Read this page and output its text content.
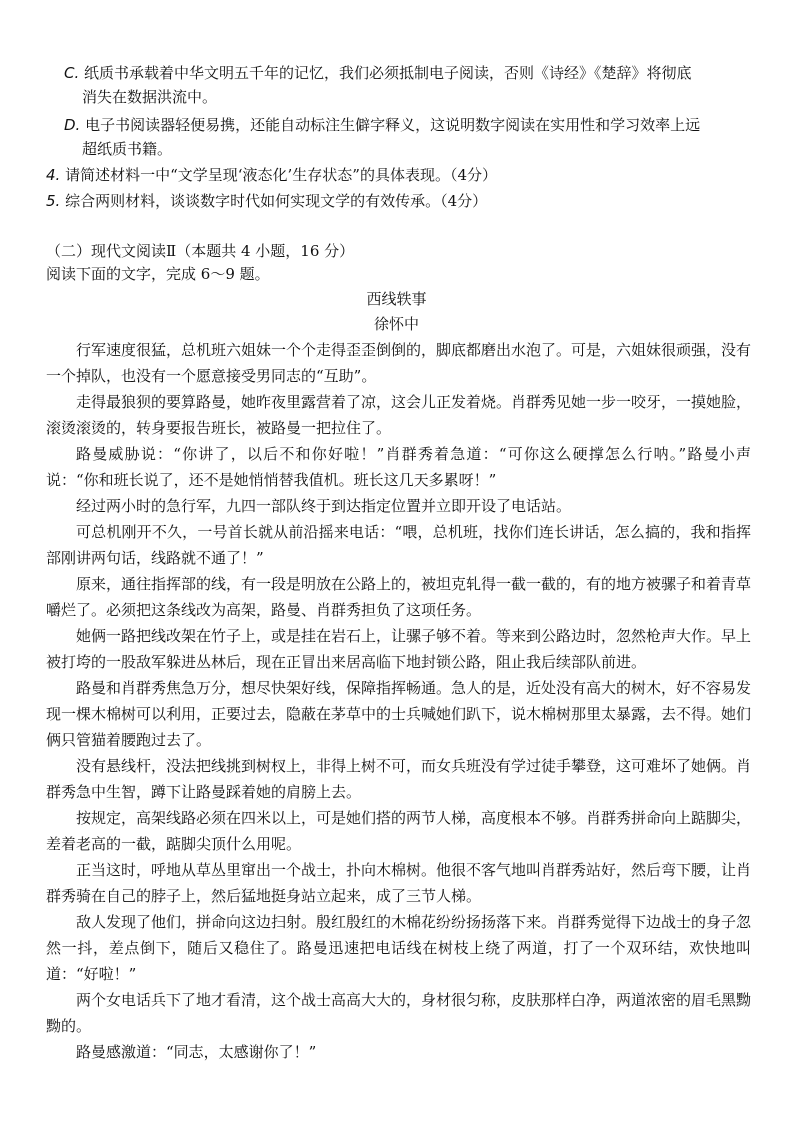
C. 纸质书承载着中华文明五千年的记忆，我们必须抵制电子阅读，否则《诗经》《楚辞》将彻底
消失在数据洪流中。
D. 电子书阅读器轻便易携，还能自动标注生僻字释义，这说明数字阅读在实用性和学习效率上远
超纸质书籍。
4. 请简述材料一中“文学呈现‘液态化’生存状态”的具体表现。（4分）
5. 综合两则材料，谈谈数字时代如何实现文学的有效传承。（4分）
（二）现代文阅读Ⅱ（本题共 4 小题，16 分）
阅读下面的文字，完成 6～9 题。
西线轶事
徐怀中
行军速度很猛，总机班六姐妹一个个走得歪歪倒倒的，脚底都磨出水泡了。可是，六姐妹很顽强，没有一个掉队，也没有一个愿意接受男同志的“互助”。
走得最狼狈的要算路曼，她昨夜里露营着了凉，这会儿正发着烧。肖群秀见她一步一咬牙，一摸她脸，滚烫滚烫的，转身要报告班长，被路曼一把拉住了。
路曼威胁说：“你讲了，以后不和你好啦！”肖群秀着急道：“可你这么硬撑怎么行呐。”路曼小声说：“你和班长说了，还不是她悄悄替我值机。班长这几天多累呀！”
经过两小时的急行军，九四一部队终于到达指定位置并立即开设了电话站。
可总机刚开不久，一号首长就从前沿摇来电话：“喂，总机班，找你们连长讲话，怎么搞的，我和指挥部刚讲两句话，线路就不通了！”
原来，通往指挥部的线，有一段是明放在公路上的，被坦克轧得一截一截的，有的地方被骡子和着青草嚼烂了。必须把这条线改为高架，路曼、肖群秀担负了这项任务。
她俩一路把线改架在竹子上，或是挂在岩石上，让骡子够不着。等来到公路边时，忽然枪声大作。早上被打垮的一股敌军躲进丛林后，现在正冒出来居高临下地封锁公路，阻止我后续部队前进。
路曼和肖群秀焦急万分，想尽快架好线，保障指挥畅通。急人的是，近处没有高大的树木，好不容易发现一棵木棉树可以利用，正要过去，隐蔽在茅草中的士兵喊她们趴下，说木棉树那里太暴露，去不得。她们俩只管猫着腰跑过去了。
没有悬线杆，没法把线挑到树杈上，非得上树不可，而女兵班没有学过徒手攀登，这可难坏了她俩。肖群秀急中生智，蹲下让路曼踩着她的肩膀上去。
按规定，高架线路必须在四米以上，可是她们搭的两节人梯，高度根本不够。肖群秀拼命向上踮脚尖，差着老高的一截，踮脚尖顶什么用呢。
正当这时，呼地从草丛里窜出一个战士，扑向木棉树。他很不客气地叫肖群秀站好，然后弯下腰，让肖群秀骑在自己的脖子上，然后猛地挺身站立起来，成了三节人梯。
敌人发现了他们，拼命向这边扫射。殷红殷红的木棉花纷纷扬扬落下来。肖群秀觉得下边战士的身子忽然一抖，差点倒下，随后又稳住了。路曼迅速把电话线在树枝上绕了两道，打了一个双环结，欢快地叫道：“好啦！”
两个女电话兵下了地才看清，这个战士高高大大的，身材很匀称，皮肤那样白净，两道浓密的眉毛黑黝黝的。
路曼感激道：“同志，太感谢你了！”
